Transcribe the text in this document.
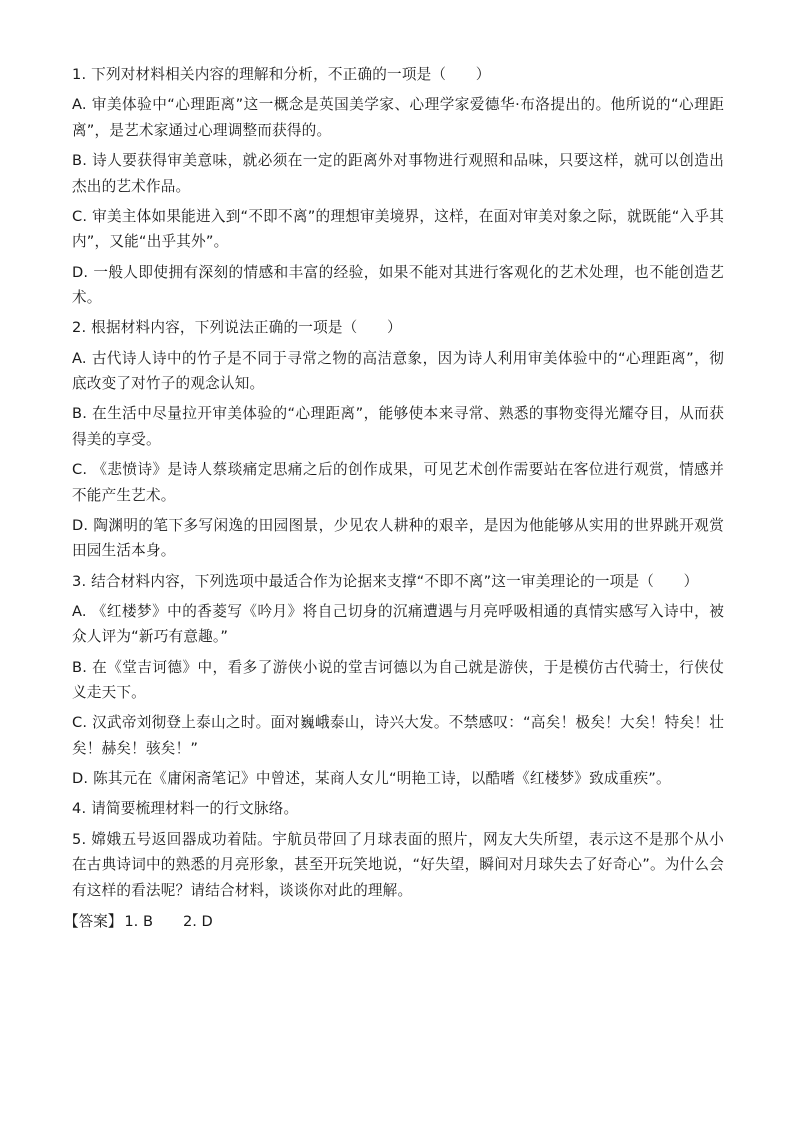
1. 下列对材料相关内容的理解和分析，不正确的一项是（　　）

A. 审美体验中“心理距离”这一概念是英国美学家、心理学家爱德华·布洛提出的。他所说的“心理距离”，是艺术家通过心理调整而获得的。

B. 诗人要获得审美意味，就必须在一定的距离外对事物进行观照和品味，只要这样，就可以创造出杰出的艺术作品。

C. 审美主体如果能进入到“不即不离”的理想审美境界，这样，在面对审美对象之际，就既能“入乎其内”，又能“出乎其外”。

D. 一般人即使拥有深刻的情感和丰富的经验，如果不能对其进行客观化的艺术处理，也不能创造艺术。

2. 根据材料内容，下列说法正确的一项是（　　）

A. 古代诗人诗中的竹子是不同于寻常之物的高洁意象，因为诗人利用审美体验中的“心理距离”，彻底改变了对竹子的观念认知。

B. 在生活中尽量拉开审美体验的“心理距离”，能够使本来寻常、熟悉的事物变得光耀夺目，从而获得美的享受。

C. 《悲愤诗》是诗人蔡琰痛定思痛之后的创作成果，可见艺术创作需要站在客位进行观赏，情感并不能产生艺术。

D. 陶渊明的笔下多写闲逸的田园图景，少见农人耕种的艰辛，是因为他能够从实用的世界跳开观赏田园生活本身。

3. 结合材料内容，下列选项中最适合作为论据来支撑“不即不离”这一审美理论的一项是（　　）

A. 《红楼梦》中的香菱写《吟月》将自己切身的沉痛遭遇与月亮呼吸相通的真情实感写入诗中，被众人评为“新巧有意趣。”

B. 在《堂吉诃德》中，看多了游侠小说的堂吉诃德以为自己就是游侠，于是模仿古代骑士，行侠仗义走天下。

C. 汉武帝刘彻登上泰山之时。面对巍峨泰山，诗兴大发。不禁感叹：“高矣！极矣！大矣！特矣！壮矣！赫矣！骇矣！”

D. 陈其元在《庸闲斋笔记》中曾述，某商人女儿“明艳工诗，以酷嗜《红楼梦》致成重疾”。

4. 请简要梳理材料一的行文脉络。

5. 嫦娥五号返回器成功着陆。宇航员带回了月球表面的照片，网友大失所望，表示这不是那个从小在古典诗词中的熟悉的月亮形象，甚至开玩笑地说，“好失望，瞬间对月球失去了好奇心”。为什么会有这样的看法呢？请结合材料，谈谈你对此的理解。

【答案】 1. B 2. D
